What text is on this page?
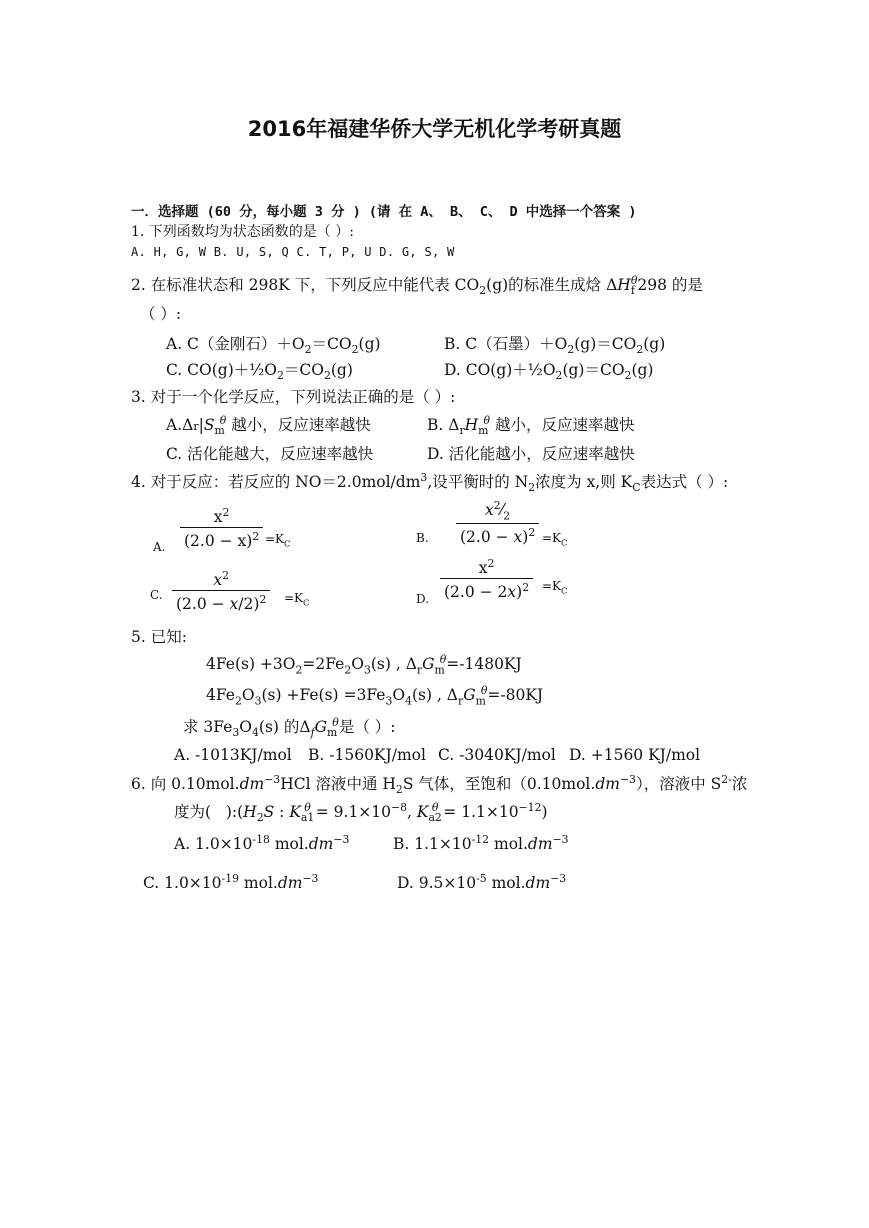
2016年福建华侨大学无机化学考研真题
一．选择题 (60 分，每小题 3 分 ) (请 在 A、 B、 C、 D 中选择一个答案 )
1. 下列函数均为状态函数的是（ ）:
A. H, G, W B. U, S, Q C. T, P, U D. G, S, W
2. 在标准状态和 298K 下，下列反应中能代表 $CO_2(g)$的标准生成焓 $\Delta H_f^\theta 298$ 的是
（ ）:
A. C（金刚石）$+O_2=CO_2(g)$	B. C（石墨）$+O_2(g)=CO_2(g)$
C. $CO(g)+\frac{1}{2}O_2=CO_2(g)$	D. $CO(g)+\frac{1}{2}O_2(g)=CO_2(g)$
3. 对于一个化学反应，下列说法正确的是（ ）:
$A.\Delta r|S_m^\theta$ 越小，反应速率越快	B. $\Delta_rH_m^\theta$ 越小，反应速率越快
C. 活化能越大，反应速率越快	D. 活化能越小，反应速率越快
4. 对于反应：若反应的 $NO=2.0mol/dm^3$,设平衡时的 $N_2$浓度为 x,则 $K_C$表达式（ ）:
A. $\frac{x^2}{(2.0 - x)^2} =K_C$	B. $\frac{x^2⁄_2}{(2.0 - x)^2} =K_C$
C. $\frac{x^2}{(2.0 - x/2)^2} =K_C$	D. $\frac{x^2}{(2.0 - 2x)^2} =K_C$
5. 已知:
$4Fe(s) +3O_2=2Fe_2O_3(s)$ , $\Delta_rG_m^\theta=-1480KJ$
$4Fe_2O_3(s) +Fe(s) =3Fe_3O_4(s)$ , $\Delta_rG_m^\theta=-80KJ$
求 $3Fe_3O_4(s)$ 的$\Delta_fG_m^\theta$是（ ）:
A. -1013KJ/mol B. -1560KJ/mol C. -3040KJ/mol D. +1560 KJ/mol
6. 向 $0.10mol.dm^{-3}HCl$ 溶液中通 $H_2S$ 气体，至饱和$(0.10mol.dm^{-3})$，溶液中 $S^{2-}$浓
度为(   )$:(H_2S$ : $K_{a1}^\theta = 9.1\times 10^{-8}$, $K_{a2}^\theta = 1.1\times 10^{-12}$)
A. $1.0\times 10^{-18}$ $mol.dm^{-3}$	B. $1.1\times 10^{-12}$ $mol.dm^{-3}$
C. $1.0\times 10^{-19}$ $mol.dm^{-3}$	D. $9.5\times 10^{-5}$ $mol.dm^{-3}$
